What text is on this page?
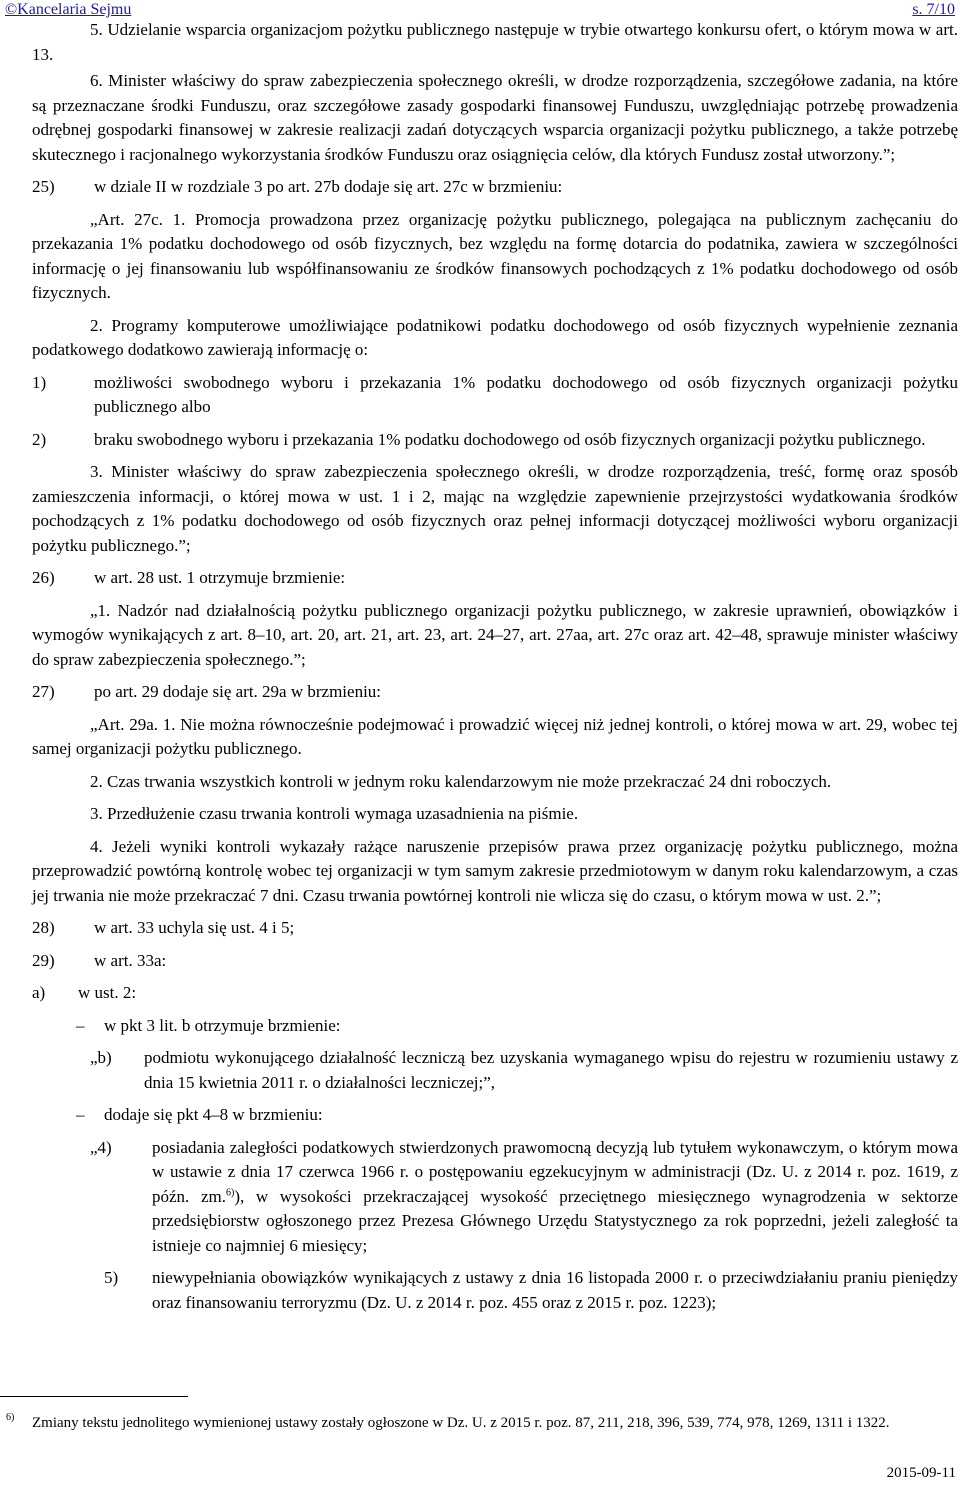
©Kancelaria Sejmu	s. 7/10

5. Udzielanie wsparcia organizacjom pożytku publicznego następuje w trybie otwartego konkursu ofert, o którym mowa w art. 13.

6. Minister właściwy do spraw zabezpieczenia społecznego określi, w drodze rozporządzenia, szczegółowe zadania, na które są przeznaczane środki Funduszu, oraz szczegółowe zasady gospodarki finansowej Funduszu, uwzględniając potrzebę prowadzenia odrębnej gospodarki finansowej w zakresie realizacji zadań dotyczących wsparcia organizacji pożytku publicznego, a także potrzebę skutecznego i racjonalnego wykorzystania środków Funduszu oraz osiągnięcia celów, dla których Fundusz został utworzony.”;

25) w dziale II w rozdziale 3 po art. 27b dodaje się art. 27c w brzmieniu:

„Art. 27c. 1. Promocja prowadzona przez organizację pożytku publicznego, polegająca na publicznym zachęcaniu do przekazania 1% podatku dochodowego od osób fizycznych, bez względu na formę dotarcia do podatnika, zawiera w szczególności informację o jej finansowaniu lub współfinansowaniu ze środków finansowych pochodzących z 1% podatku dochodowego od osób fizycznych.

2. Programy komputerowe umożliwiające podatnikowi podatku dochodowego od osób fizycznych wypełnienie zeznania podatkowego dodatkowo zawierają informację o:

1)	możliwości swobodnego wyboru i przekazania 1% podatku dochodowego od osób fizycznych organizacji pożytku publicznego albo
2)	braku swobodnego wyboru i przekazania 1% podatku dochodowego od osób fizycznych organizacji pożytku publicznego.

3. Minister właściwy do spraw zabezpieczenia społecznego określi, w drodze rozporządzenia, treść, formę oraz sposób zamieszczenia informacji, o której mowa w ust. 1 i 2, mając na względzie zapewnienie przejrzystości wydatkowania środków pochodzących z 1% podatku dochodowego od osób fizycznych oraz pełnej informacji dotyczącej możliwości wyboru organizacji pożytku publicznego.”;

26) w art. 28 ust. 1 otrzymuje brzmienie:

„1. Nadzór nad działalnością pożytku publicznego organizacji pożytku publicznego, w zakresie uprawnień, obowiązków i wymogów wynikających z art. 8–10, art. 20, art. 21, art. 23, art. 24–27, art. 27aa, art. 27c oraz art. 42–48, sprawuje minister właściwy do spraw zabezpieczenia społecznego.”;

27) po art. 29 dodaje się art. 29a w brzmieniu:

„Art. 29a. 1. Nie można równocześnie podejmować i prowadzić więcej niż jednej kontroli, o której mowa w art. 29, wobec tej samej organizacji pożytku publicznego.

2. Czas trwania wszystkich kontroli w jednym roku kalendarzowym nie może przekraczać 24 dni roboczych.

3. Przedłużenie czasu trwania kontroli wymaga uzasadnienia na piśmie.

4. Jeżeli wyniki kontroli wykazały rażące naruszenie przepisów prawa przez organizację pożytku publicznego, można przeprowadzić powtórną kontrolę wobec tej organizacji w tym samym zakresie przedmiotowym w danym roku kalendarzowym, a czas jej trwania nie może przekraczać 7 dni. Czasu trwania powtórnej kontroli nie wlicza się do czasu, o którym mowa w ust. 2.”;

28) w art. 33 uchyla się ust. 4 i 5;
29) w art. 33a:
a) w ust. 2:
– w pkt 3 lit. b otrzymuje brzmienie:
„b) podmiotu wykonującego działalność leczniczą bez uzyskania wymaganego wpisu do rejestru w rozumieniu ustawy z dnia 15 kwietnia 2011 r. o działalności leczniczej;”,
– dodaje się pkt 4–8 w brzmieniu:
„4) posiadania zaległości podatkowych stwierdzonych prawomocną decyzją lub tytułem wykonawczym, o którym mowa w ustawie z dnia 17 czerwca 1966 r. o postępowaniu egzekucyjnym w administracji (Dz. U. z 2014 r. poz. 1619, z późn. zm.$^{6)}$), w wysokości przekraczającej wysokość przeciętnego miesięcznego wynagrodzenia w sektorze przedsiębiorstw ogłoszonego przez Prezesa Głównego Urzędu Statystycznego za rok poprzedni, jeżeli zaległość ta istnieje co najmniej 6 miesięcy;
5) niewypełniania obowiązków wynikających z ustawy z dnia 16 listopada 2000 r. o przeciwdziałaniu praniu pieniędzy oraz finansowaniu terroryzmu (Dz. U. z 2014 r. poz. 455 oraz z 2015 r. poz. 1223);
6)	Zmiany tekstu jednolitego wymienionej ustawy zostały ogłoszone w Dz. U. z 2015 r. poz. 87, 211, 218, 396, 539, 774, 978, 1269, 1311 i 1322.
2015-09-11
